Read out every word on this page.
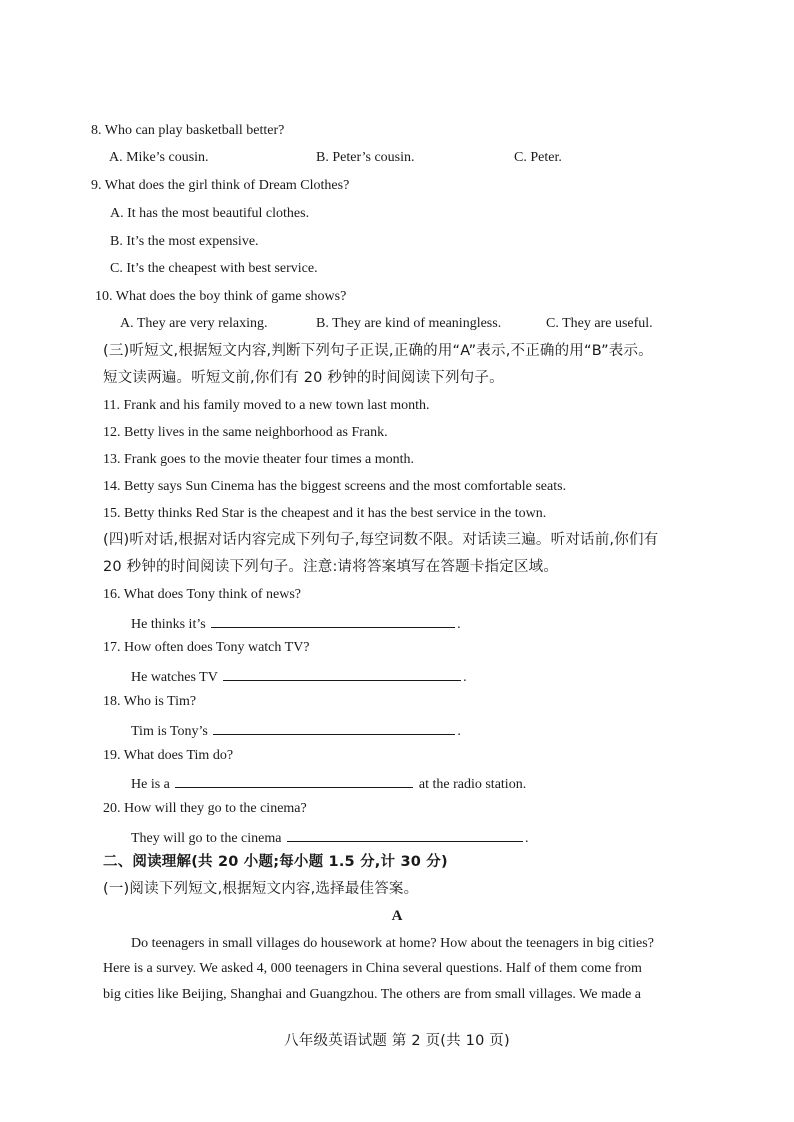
8. Who can play basketball better?
A. Mike’s cousin.	B. Peter’s cousin.	C. Peter.
9. What does the girl think of Dream Clothes?
A. It has the most beautiful clothes.
B. It’s the most expensive.
C. It’s the cheapest with best service.
10. What does the boy think of game shows?
A. They are very relaxing.	B. They are kind of meaningless.	C. They are useful.
(三)听短文,根据短文内容,判断下列句子正误,正确的用“A”表示,不正确的用“B”表示。
短文读两遍。听短文前,你们有 20 秒钟的时间阅读下列句子。
11. Frank and his family moved to a new town last month.
12. Betty lives in the same neighborhood as Frank.
13. Frank goes to the movie theater four times a month.
14. Betty says Sun Cinema has the biggest screens and the most comfortable seats.
15. Betty thinks Red Star is the cheapest and it has the best service in the town.
(四)听对话,根据对话内容完成下列句子,每空词数不限。对话读三遍。听对话前,你们有
20 秒钟的时间阅读下列句子。注意:请将答案填写在答题卡指定区域。
16. What does Tony think of news?
He thinks it’s	.
17. How often does Tony watch TV?
He watches TV	.
18. Who is Tim?
Tim is Tony’s	.
19. What does Tim do?
He is a	at the radio station.
20. How will they go to the cinema?
They will go to the cinema	.
二、阅读理解(共 20 小题;每小题 1.5 分,计 30 分)
(一)阅读下列短文,根据短文内容,选择最佳答案。
A
Do teenagers in small villages do housework at home? How about the teenagers in big cities?
Here is a survey. We asked 4, 000 teenagers in China several questions. Half of them come from
big cities like Beijing, Shanghai and Guangzhou. The others are from small villages. We made a
八年级英语试题 第 2 页(共 10 页)
